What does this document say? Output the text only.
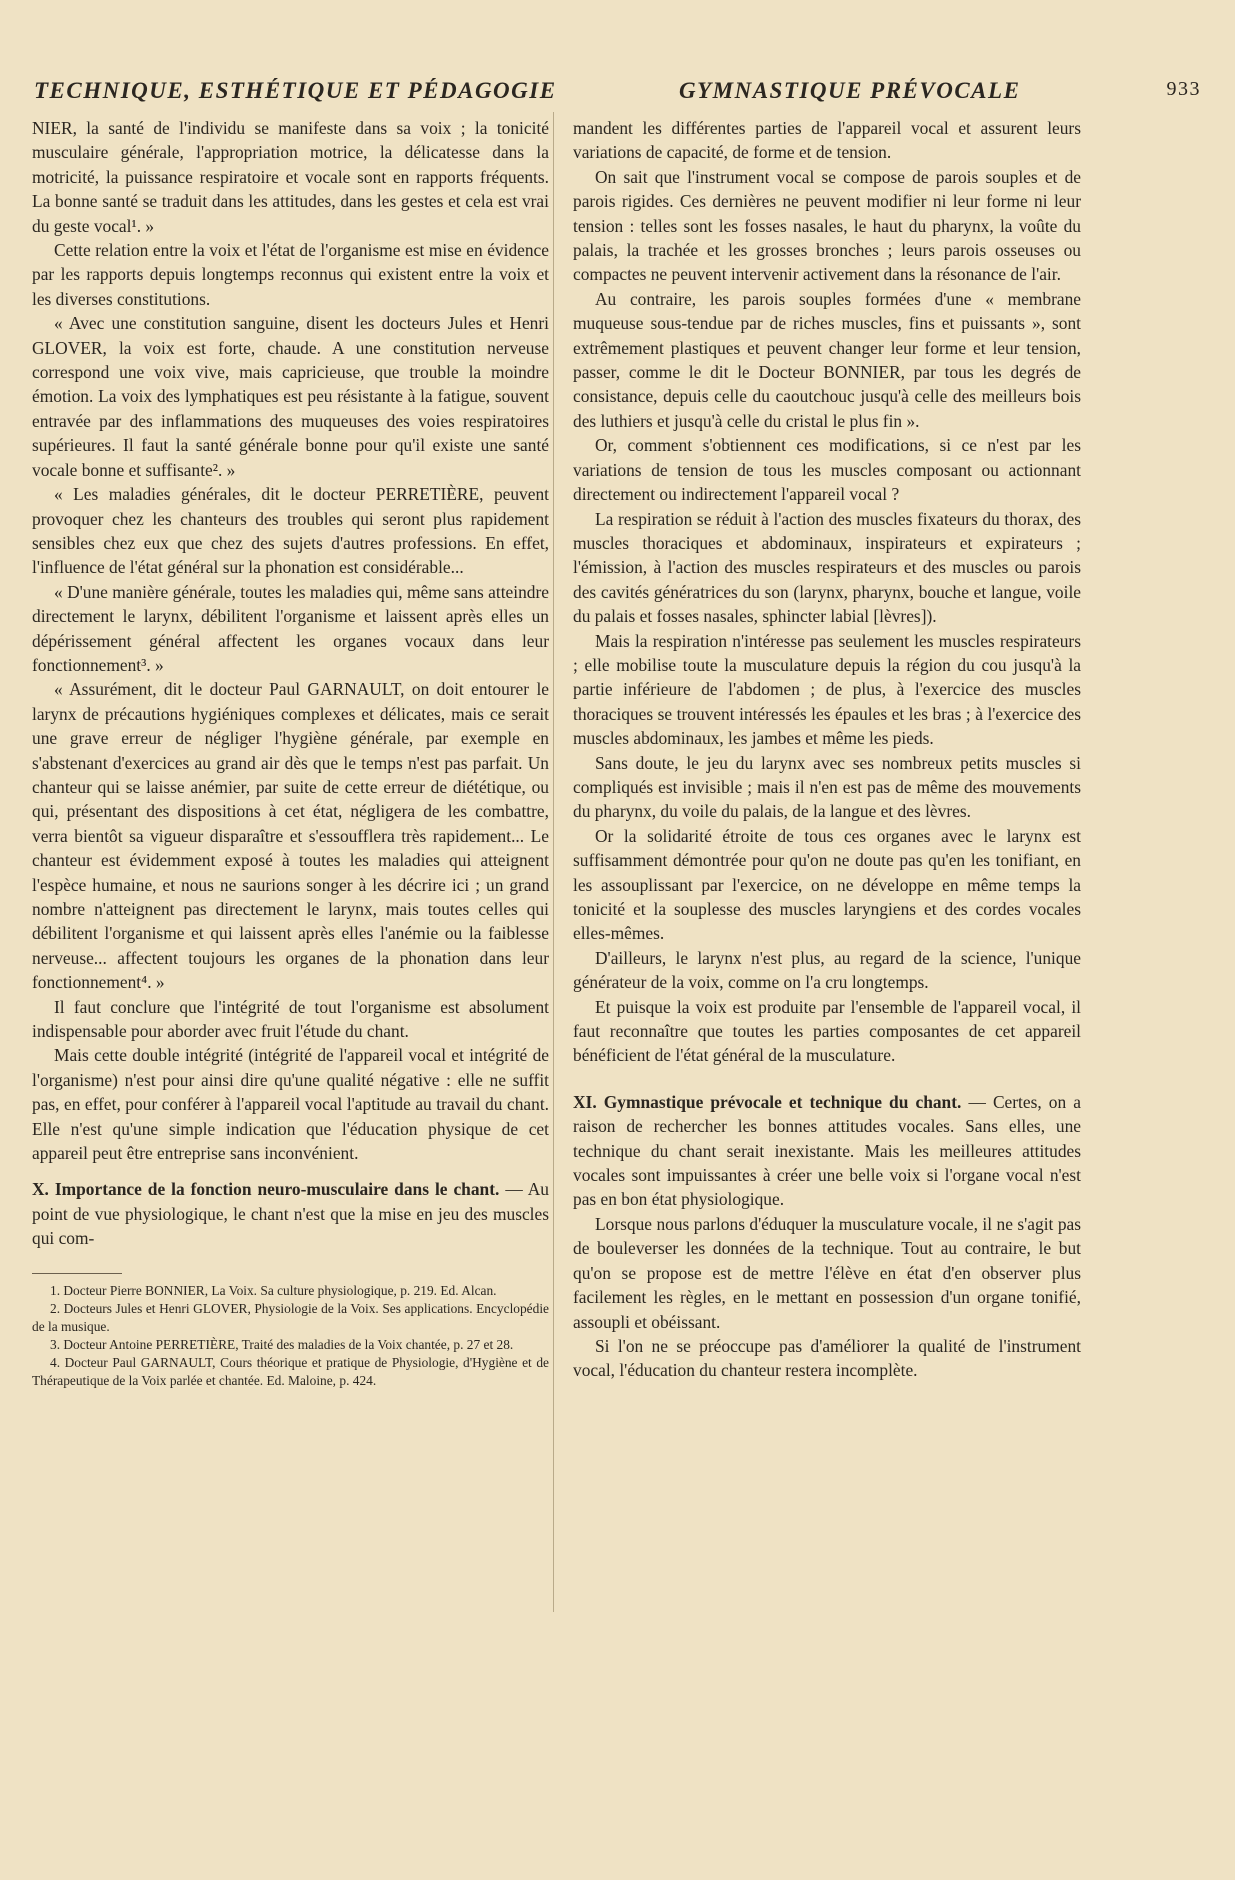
TECHNIQUE, ESTHÉTIQUE ET PÉDAGOGIE	GYMNASTIQUE PRÉVOCALE	933

NIER, la santé de l'individu se manifeste dans sa voix ; la tonicité musculaire générale, l'appropriation motrice, la délicatesse dans la motricité, la puissance respiratoire et vocale sont en rapports fréquents. La bonne santé se traduit dans les attitudes, dans les gestes et cela est vrai du geste vocal¹. »

Cette relation entre la voix et l'état de l'organisme est mise en évidence par les rapports depuis longtemps reconnus qui existent entre la voix et les diverses constitutions.

« Avec une constitution sanguine, disent les docteurs Jules et Henri GLOVER, la voix est forte, chaude. A une constitution nerveuse correspond une voix vive, mais capricieuse, que trouble la moindre émotion. La voix des lymphatiques est peu résistante à la fatigue, souvent entravée par des inflammations des muqueuses des voies respiratoires supérieures. Il faut la santé générale bonne pour qu'il existe une santé vocale bonne et suffisante². »

« Les maladies générales, dit le docteur PERRETIÈRE, peuvent provoquer chez les chanteurs des troubles qui seront plus rapidement sensibles chez eux que chez des sujets d'autres professions. En effet, l'influence de l'état général sur la phonation est considérable...

« D'une manière générale, toutes les maladies qui, même sans atteindre directement le larynx, débilitent l'organisme et laissent après elles un dépérissement général affectent les organes vocaux dans leur fonctionnement³. »

« Assurément, dit le docteur Paul GARNAULT, on doit entourer le larynx de précautions hygiéniques complexes et délicates, mais ce serait une grave erreur de négliger l'hygiène générale, par exemple en s'abstenant d'exercices au grand air dès que le temps n'est pas parfait. Un chanteur qui se laisse anémier, par suite de cette erreur de diététique, ou qui, présentant des dispositions à cet état, négligera de les combattre, verra bientôt sa vigueur disparaître et s'essoufflera très rapidement... Le chanteur est évidemment exposé à toutes les maladies qui atteignent l'espèce humaine, et nous ne saurions songer à les décrire ici ; un grand nombre n'atteignent pas directement le larynx, mais toutes celles qui débilitent l'organisme et qui laissent après elles l'anémie ou la faiblesse nerveuse... affectent toujours les organes de la phonation dans leur fonctionnement⁴. »

Il faut conclure que l'intégrité de tout l'organisme est absolument indispensable pour aborder avec fruit l'étude du chant.

Mais cette double intégrité (intégrité de l'appareil vocal et intégrité de l'organisme) n'est pour ainsi dire qu'une qualité négative : elle ne suffit pas, en effet, pour conférer à l'appareil vocal l'aptitude au travail du chant. Elle n'est qu'une simple indication que l'éducation physique de cet appareil peut être entreprise sans inconvénient.

X. Importance de la fonction neuro-musculaire dans le chant. — Au point de vue physiologique, le chant n'est que la mise en jeu des muscles qui com-

1. Docteur Pierre BONNIER, La Voix. Sa culture physiologique, p. 219. Ed. Alcan.

2. Docteurs Jules et Henri GLOVER, Physiologie de la Voix. Ses applications. Encyclopédie de la musique.

3. Docteur Antoine PERRETIÈRE, Traité des maladies de la Voix chantée, p. 27 et 28.

4. Docteur Paul GARNAULT, Cours théorique et pratique de Physiologie, d'Hygiène et de Thérapeutique de la Voix parlée et chantée. Ed. Maloine, p. 424.

mandent les différentes parties de l'appareil vocal et assurent leurs variations de capacité, de forme et de tension.

On sait que l'instrument vocal se compose de parois souples et de parois rigides. Ces dernières ne peuvent modifier ni leur forme ni leur tension : telles sont les fosses nasales, le haut du pharynx, la voûte du palais, la trachée et les grosses bronches ; leurs parois osseuses ou compactes ne peuvent intervenir activement dans la résonance de l'air.

Au contraire, les parois souples formées d'une « membrane muqueuse sous-tendue par de riches muscles, fins et puissants », sont extrêmement plastiques et peuvent changer leur forme et leur tension, passer, comme le dit le Docteur BONNIER, par tous les degrés de consistance, depuis celle du caoutchouc jusqu'à celle des meilleurs bois des luthiers et jusqu'à celle du cristal le plus fin ».

Or, comment s'obtiennent ces modifications, si ce n'est par les variations de tension de tous les muscles composant ou actionnant directement ou indirectement l'appareil vocal ?

La respiration se réduit à l'action des muscles fixateurs du thorax, des muscles thoraciques et abdominaux, inspirateurs et expirateurs ; l'émission, à l'action des muscles respirateurs et des muscles ou parois des cavités génératrices du son (larynx, pharynx, bouche et langue, voile du palais et fosses nasales, sphincter labial [lèvres]).

Mais la respiration n'intéresse pas seulement les muscles respirateurs ; elle mobilise toute la musculature depuis la région du cou jusqu'à la partie inférieure de l'abdomen ; de plus, à l'exercice des muscles thoraciques se trouvent intéressés les épaules et les bras ; à l'exercice des muscles abdominaux, les jambes et même les pieds.

Sans doute, le jeu du larynx avec ses nombreux petits muscles si compliqués est invisible ; mais il n'en est pas de même des mouvements du pharynx, du voile du palais, de la langue et des lèvres.

Or la solidarité étroite de tous ces organes avec le larynx est suffisamment démontrée pour qu'on ne doute pas qu'en les tonifiant, en les assouplissant par l'exercice, on ne développe en même temps la tonicité et la souplesse des muscles laryngiens et des cordes vocales elles-mêmes.

D'ailleurs, le larynx n'est plus, au regard de la science, l'unique générateur de la voix, comme on l'a cru longtemps.

Et puisque la voix est produite par l'ensemble de l'appareil vocal, il faut reconnaître que toutes les parties composantes de cet appareil bénéficient de l'état général de la musculature.

XI. Gymnastique prévocale et technique du chant. — Certes, on a raison de rechercher les bonnes attitudes vocales. Sans elles, une technique du chant serait inexistante. Mais les meilleures attitudes vocales sont impuissantes à créer une belle voix si l'organe vocal n'est pas en bon état physiologique.

Lorsque nous parlons d'éduquer la musculature vocale, il ne s'agit pas de bouleverser les données de la technique. Tout au contraire, le but qu'on se propose est de mettre l'élève en état d'en observer plus facilement les règles, en le mettant en possession d'un organe tonifié, assoupli et obéissant.

Si l'on ne se préoccupe pas d'améliorer la qualité de l'instrument vocal, l'éducation du chanteur restera incomplète.
